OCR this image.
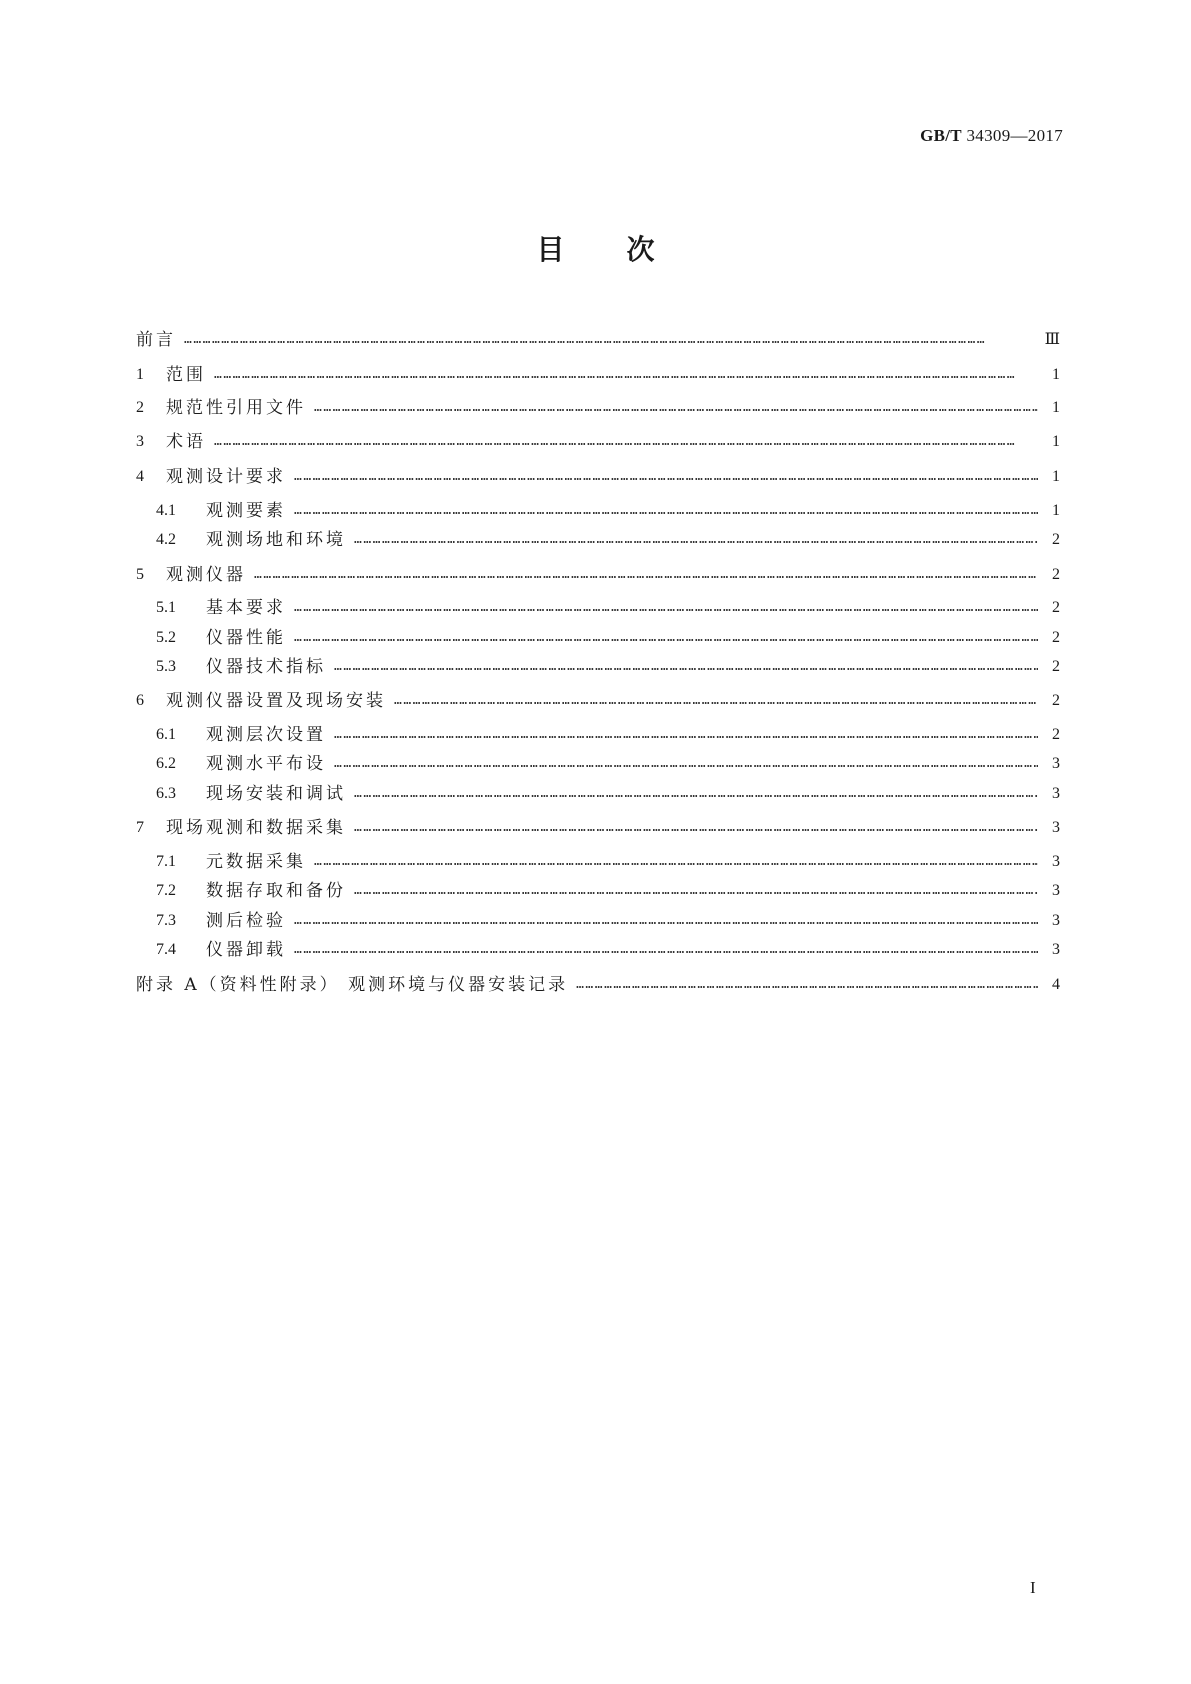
GB/T 34309—2017
目 次
前言 ……………………………………………………………………………………………………………………………………………………………………………………………………………………………………	Ⅲ
1	范围 ……………………………………………………………………………………………………………………………………………………………………………………………………………………………………	1
2	规范性引用文件 ……………………………………………………………………………………………………………………………………………………………………………………………………………………………………	1
3	术语 ……………………………………………………………………………………………………………………………………………………………………………………………………………………………………	1
4	观测设计要求 ……………………………………………………………………………………………………………………………………………………………………………………………………………………………………	1
4.1	观测要素 ……………………………………………………………………………………………………………………………………………………………………………………………………………………………………	1
4.2	观测场地和环境 ……………………………………………………………………………………………………………………………………………………………………………………………………………………………………	2
5	观测仪器 ……………………………………………………………………………………………………………………………………………………………………………………………………………………………………	2
5.1	基本要求 ……………………………………………………………………………………………………………………………………………………………………………………………………………………………………	2
5.2	仪器性能 ……………………………………………………………………………………………………………………………………………………………………………………………………………………………………	2
5.3	仪器技术指标 ……………………………………………………………………………………………………………………………………………………………………………………………………………………………………	2
6	观测仪器设置及现场安装 ……………………………………………………………………………………………………………………………………………………………………………………………………………………………………	2
6.1	观测层次设置 ……………………………………………………………………………………………………………………………………………………………………………………………………………………………………	2
6.2	观测水平布设 ……………………………………………………………………………………………………………………………………………………………………………………………………………………………………	3
6.3	现场安装和调试 ……………………………………………………………………………………………………………………………………………………………………………………………………………………………………	3
7	现场观测和数据采集 ……………………………………………………………………………………………………………………………………………………………………………………………………………………………………	3
7.1	元数据采集 ……………………………………………………………………………………………………………………………………………………………………………………………………………………………………	3
7.2	数据存取和备份 ……………………………………………………………………………………………………………………………………………………………………………………………………………………………………	3
7.3	测后检验 ……………………………………………………………………………………………………………………………………………………………………………………………………………………………………	3
7.4	仪器卸载 ……………………………………………………………………………………………………………………………………………………………………………………………………………………………………	3
附录 A（资料性附录） 观测环境与仪器安装记录 ……………………………………………………………………………………………………………………………………………………………………………………………………………………………………	4
I
